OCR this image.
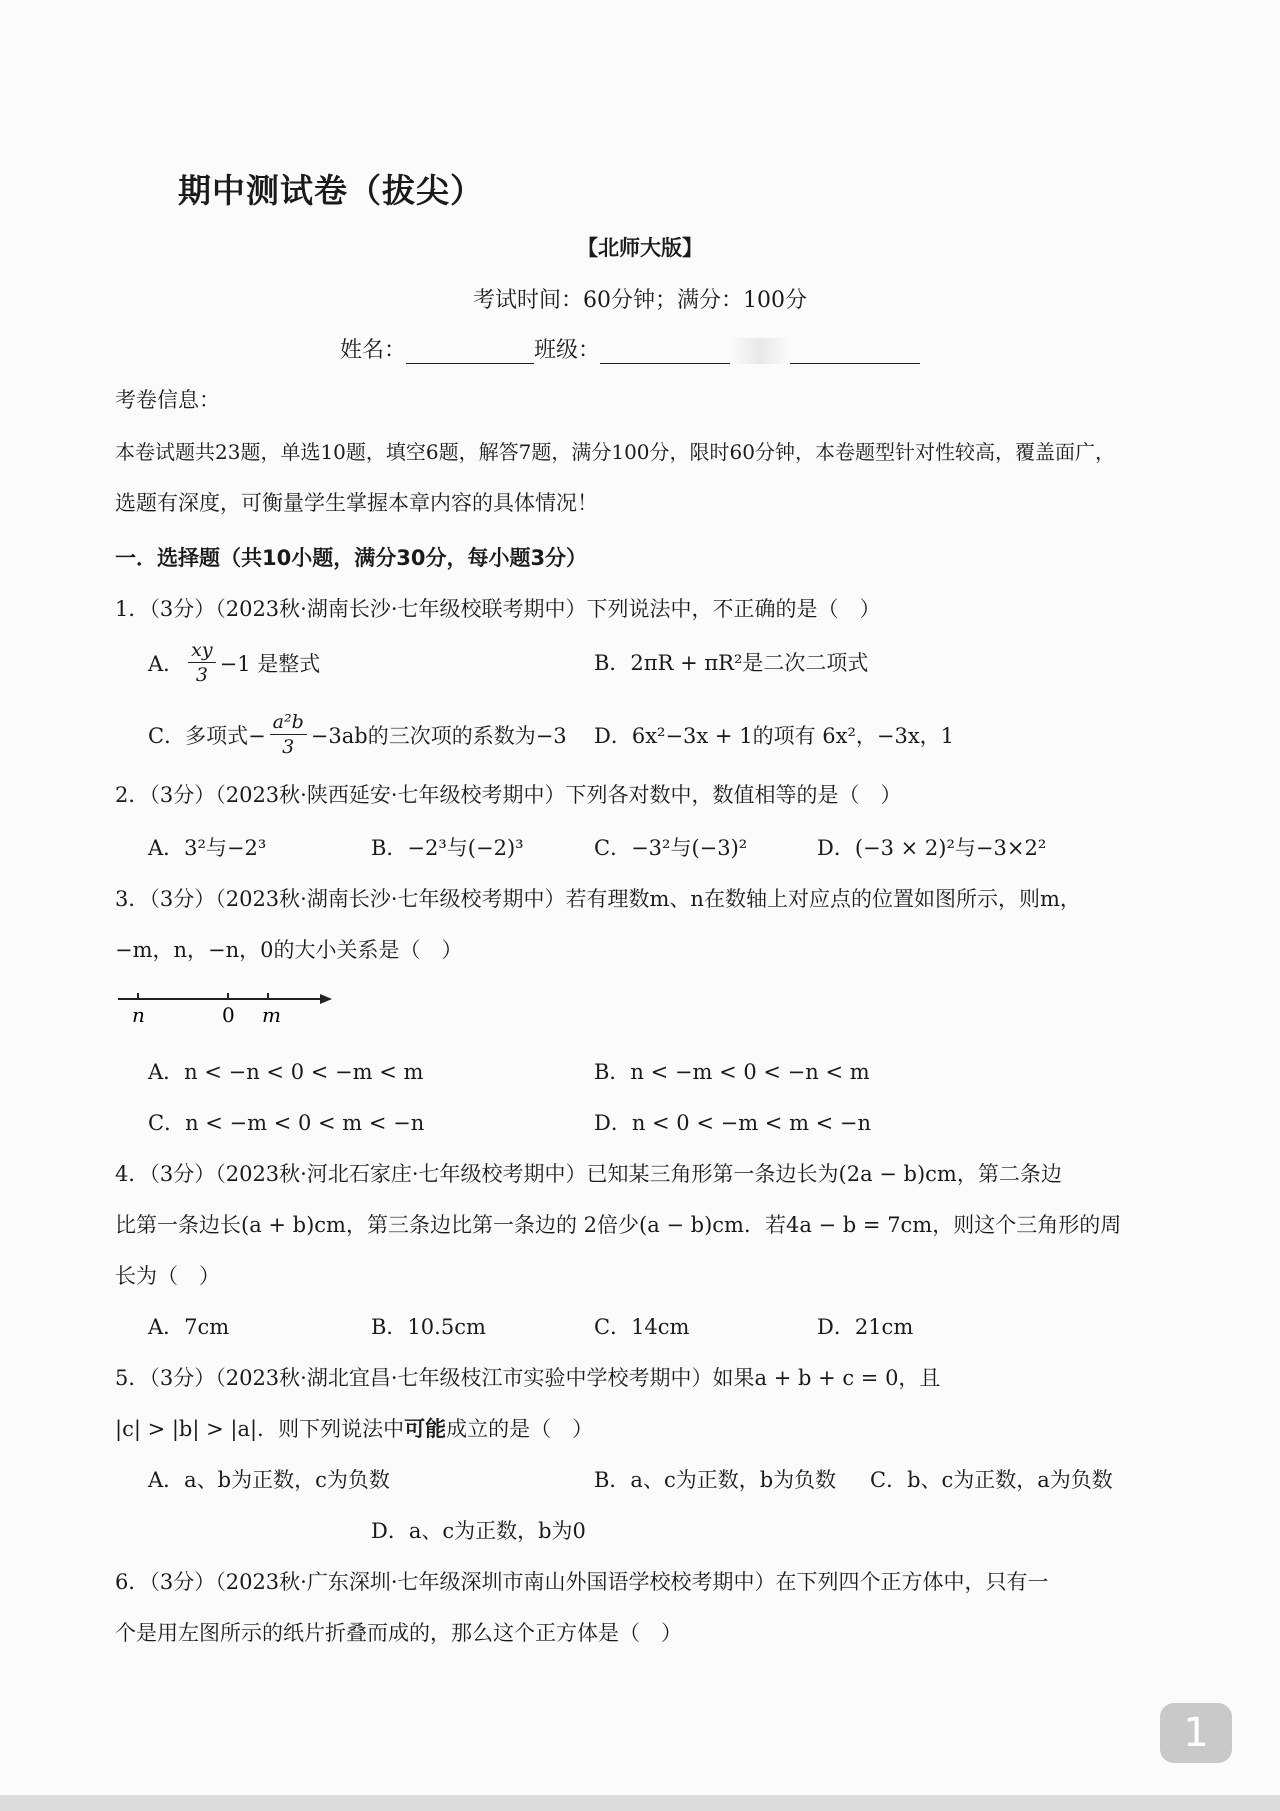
期中测试卷（拔尖）
【北师大版】
考试时间：60分钟；满分：100分
姓名：	班级：
考卷信息：
本卷试题共23题，单选10题，填空6题，解答7题，满分100分，限时60分钟，本卷题型针对性较高，覆盖面广，
选题有深度，可衡量学生掌握本章内容的具体情况！
一．选择题（共10小题，满分30分，每小题3分）
1．（3分）（2023秋·湖南长沙·七年级校联考期中）下列说法中，不正确的是（　）
A． $\frac{xy}{3} -1$ 是整式	B．2πR + πR²是二次二项式
C．多项式− $\frac{\text{a²b}}{3} -3ab$的三次项的系数为−3 D．6x²−3x + 1的项有 6x²，−3x，1
2．（3分）（2023秋·陕西延安·七年级校考期中）下列各对数中，数值相等的是（　）
A．3²与−2³	B．−2³与(−2)³	C．−3²与(−3)²	D．(−3 × 2)²与−3×2²
3．（3分）（2023秋·湖南长沙·七年级校考期中）若有理数m、n在数轴上对应点的位置如图所示，则m，
−m，n，−n，0的大小关系是（　）
n	0 m
A．n < −n < 0 < −m < m	B．n < −m < 0 < −n < m
C．n < −m < 0 < m < −n	D．n < 0 < −m < m < −n
4．（3分）（2023秋·河北石家庄·七年级校考期中）已知某三角形第一条边长为(2a − b)cm，第二条边
比第一条边长(a + b)cm，第三条边比第一条边的 2倍少(a − b)cm．若4a − b = 7cm，则这个三角形的周
长为（　）
A．7cm	B．10.5cm	C．14cm	D．21cm
5．（3分）（2023秋·湖北宜昌·七年级枝江市实验中学校考期中）如果a + b + c = 0，且
|c| > |b| > |a|．则下列说法中可能成立的是（　）
A．a、b为正数，c为负数	B．a、c为正数，b为负数 C．b、c为正数，a为负数
D．a、c为正数，b为0
6．（3分）（2023秋·广东深圳·七年级深圳市南山外国语学校校考期中）在下列四个正方体中，只有一
个是用左图所示的纸片折叠而成的，那么这个正方体是（　）
1
